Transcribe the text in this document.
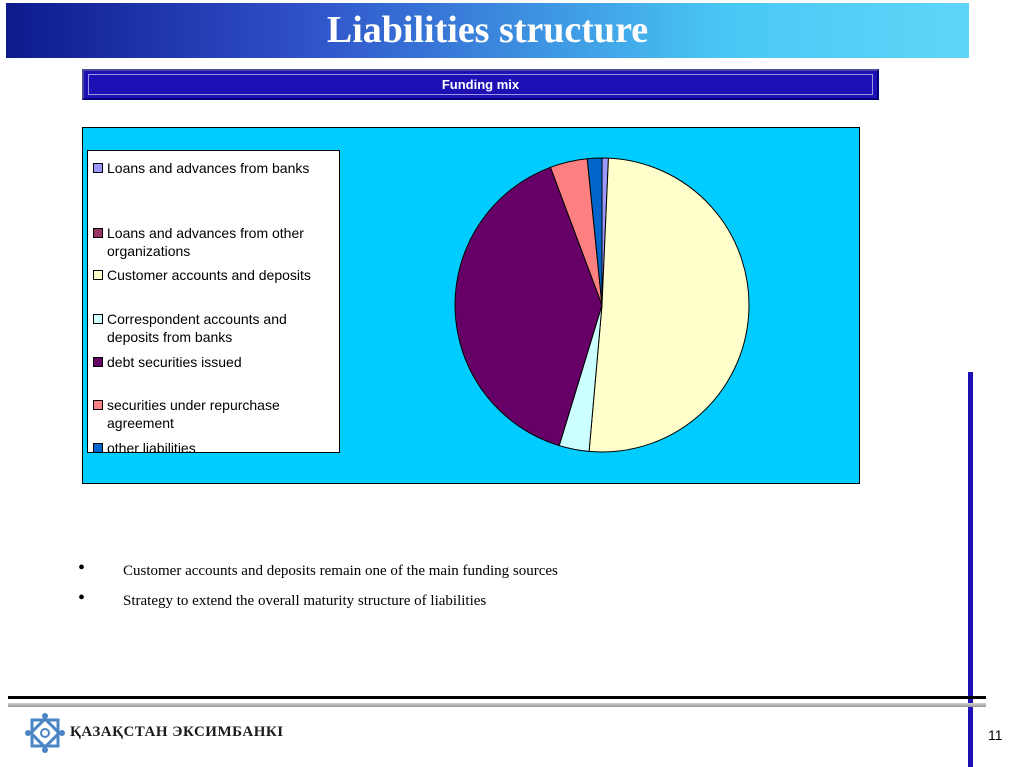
Liabilities structure
Funding mix
Loans and advances from banks
Loans and advances from other organizations
Customer accounts and deposits
Correspondent accounts and deposits from banks
debt securities issued
securities under repurchase agreement
other liabilities
•	Customer accounts and deposits remain one of the main funding sources
•	Strategy to extend the overall maturity structure of liabilities
ҚАЗАҚСТАН ЭКСИМБАНКІ	11
